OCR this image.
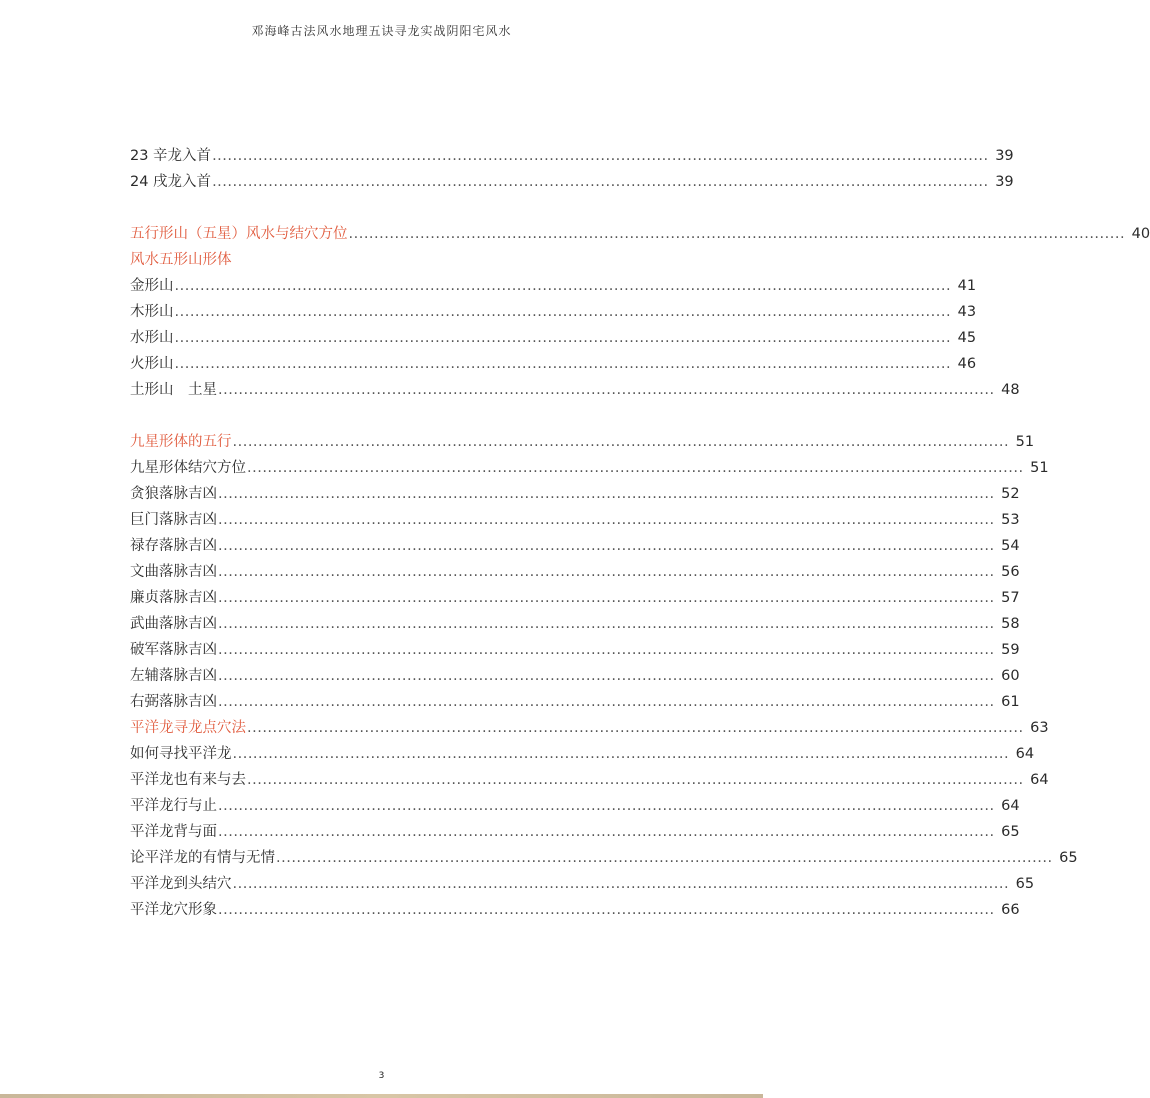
邓海峰古法风水地理五诀寻龙实战阴阳宅风水
23 辛龙入首 ........................................................................................................................................................ 39
24 戌龙入首 ........................................................................................................................................................ 39
五行形山（五星）风水与结穴方位 ........................................................................................................................................................ 40
风水五形山形体
金形山 ........................................................................................................................................................ 41
木形山 ........................................................................................................................................................ 43
水形山 ........................................................................................................................................................ 45
火形山 ........................................................................................................................................................ 46
土形山　土星 ........................................................................................................................................................ 48
九星形体的五行 ........................................................................................................................................................ 51
九星形体结穴方位 ........................................................................................................................................................ 51
贪狼落脉吉凶 ........................................................................................................................................................ 52
巨门落脉吉凶 ........................................................................................................................................................ 53
禄存落脉吉凶 ........................................................................................................................................................ 54
文曲落脉吉凶 ........................................................................................................................................................ 56
廉贞落脉吉凶 ........................................................................................................................................................ 57
武曲落脉吉凶 ........................................................................................................................................................ 58
破军落脉吉凶 ........................................................................................................................................................ 59
左辅落脉吉凶 ........................................................................................................................................................ 60
右弼落脉吉凶 ........................................................................................................................................................ 61
平洋龙寻龙点穴法 ........................................................................................................................................................ 63
如何寻找平洋龙 ........................................................................................................................................................ 64
平洋龙也有来与去 ........................................................................................................................................................ 64
平洋龙行与止 ........................................................................................................................................................ 64
平洋龙背与面 ........................................................................................................................................................ 65
论平洋龙的有情与无情 ........................................................................................................................................................ 65
平洋龙到头结穴 ........................................................................................................................................................ 65
平洋龙穴形象 ........................................................................................................................................................ 66
3
